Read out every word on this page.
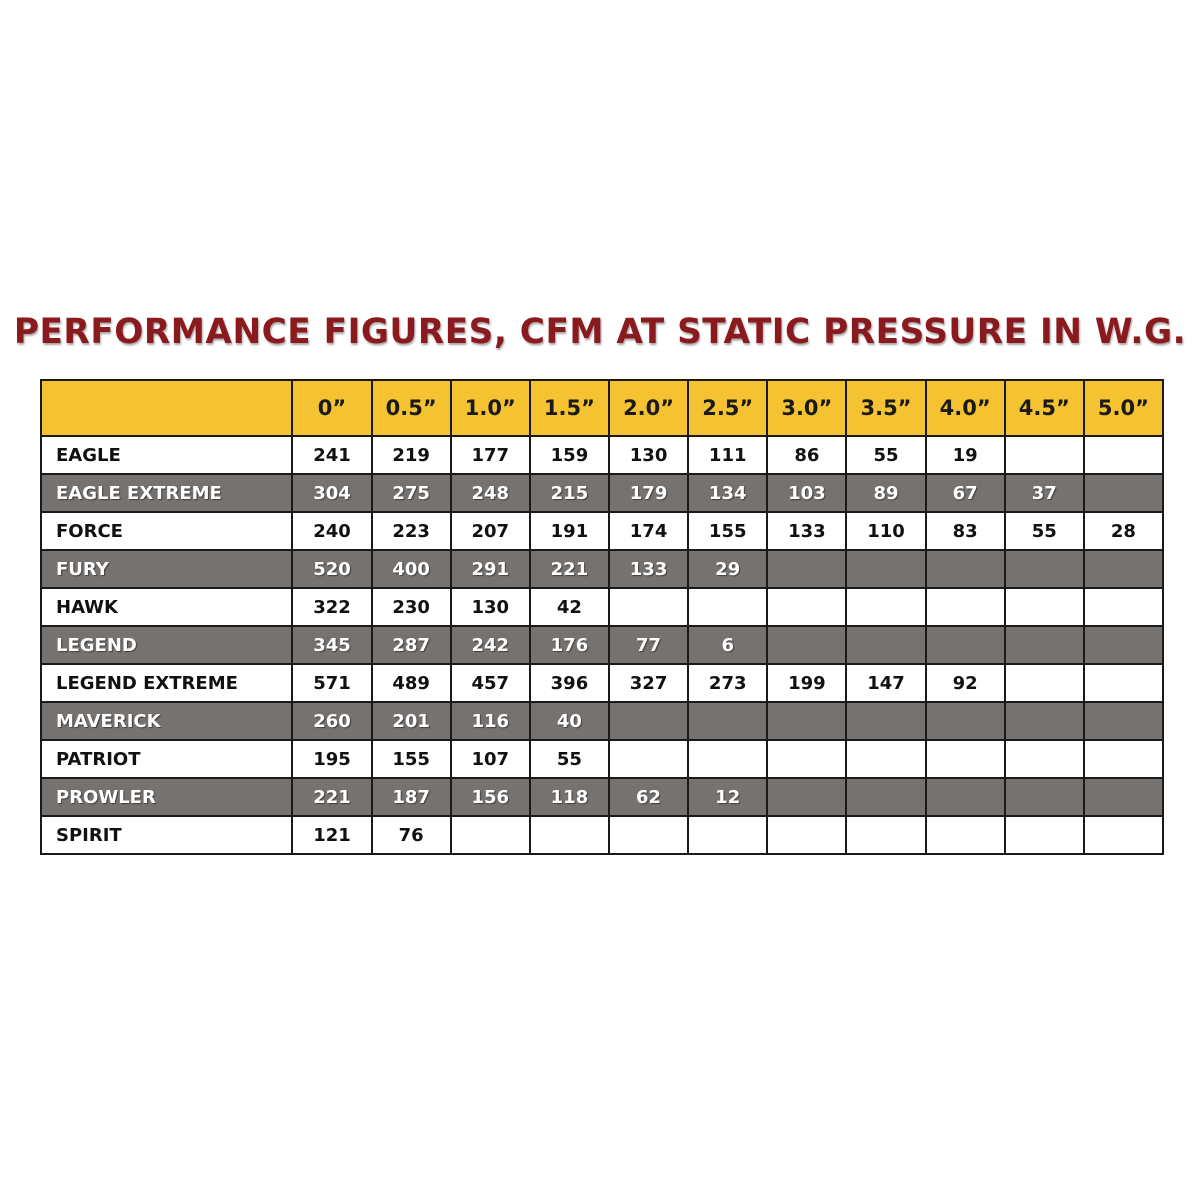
PERFORMANCE FIGURES, CFM AT STATIC PRESSURE IN W.G.
	0”	0.5”	1.0”	1.5”	2.0”	2.5”	3.0”	3.5”	4.0”	4.5”	5.0”
EAGLE	241	219	177	159	130	111	86	55	19		
EAGLE EXTREME	304	275	248	215	179	134	103	89	67	37	
FORCE	240	223	207	191	174	155	133	110	83	55	28
FURY	520	400	291	221	133	29					
HAWK	322	230	130	42							
LEGEND	345	287	242	176	77	6					
LEGEND EXTREME	571	489	457	396	327	273	199	147	92		
MAVERICK	260	201	116	40							
PATRIOT	195	155	107	55							
PROWLER	221	187	156	118	62	12					
SPIRIT	121	76									
